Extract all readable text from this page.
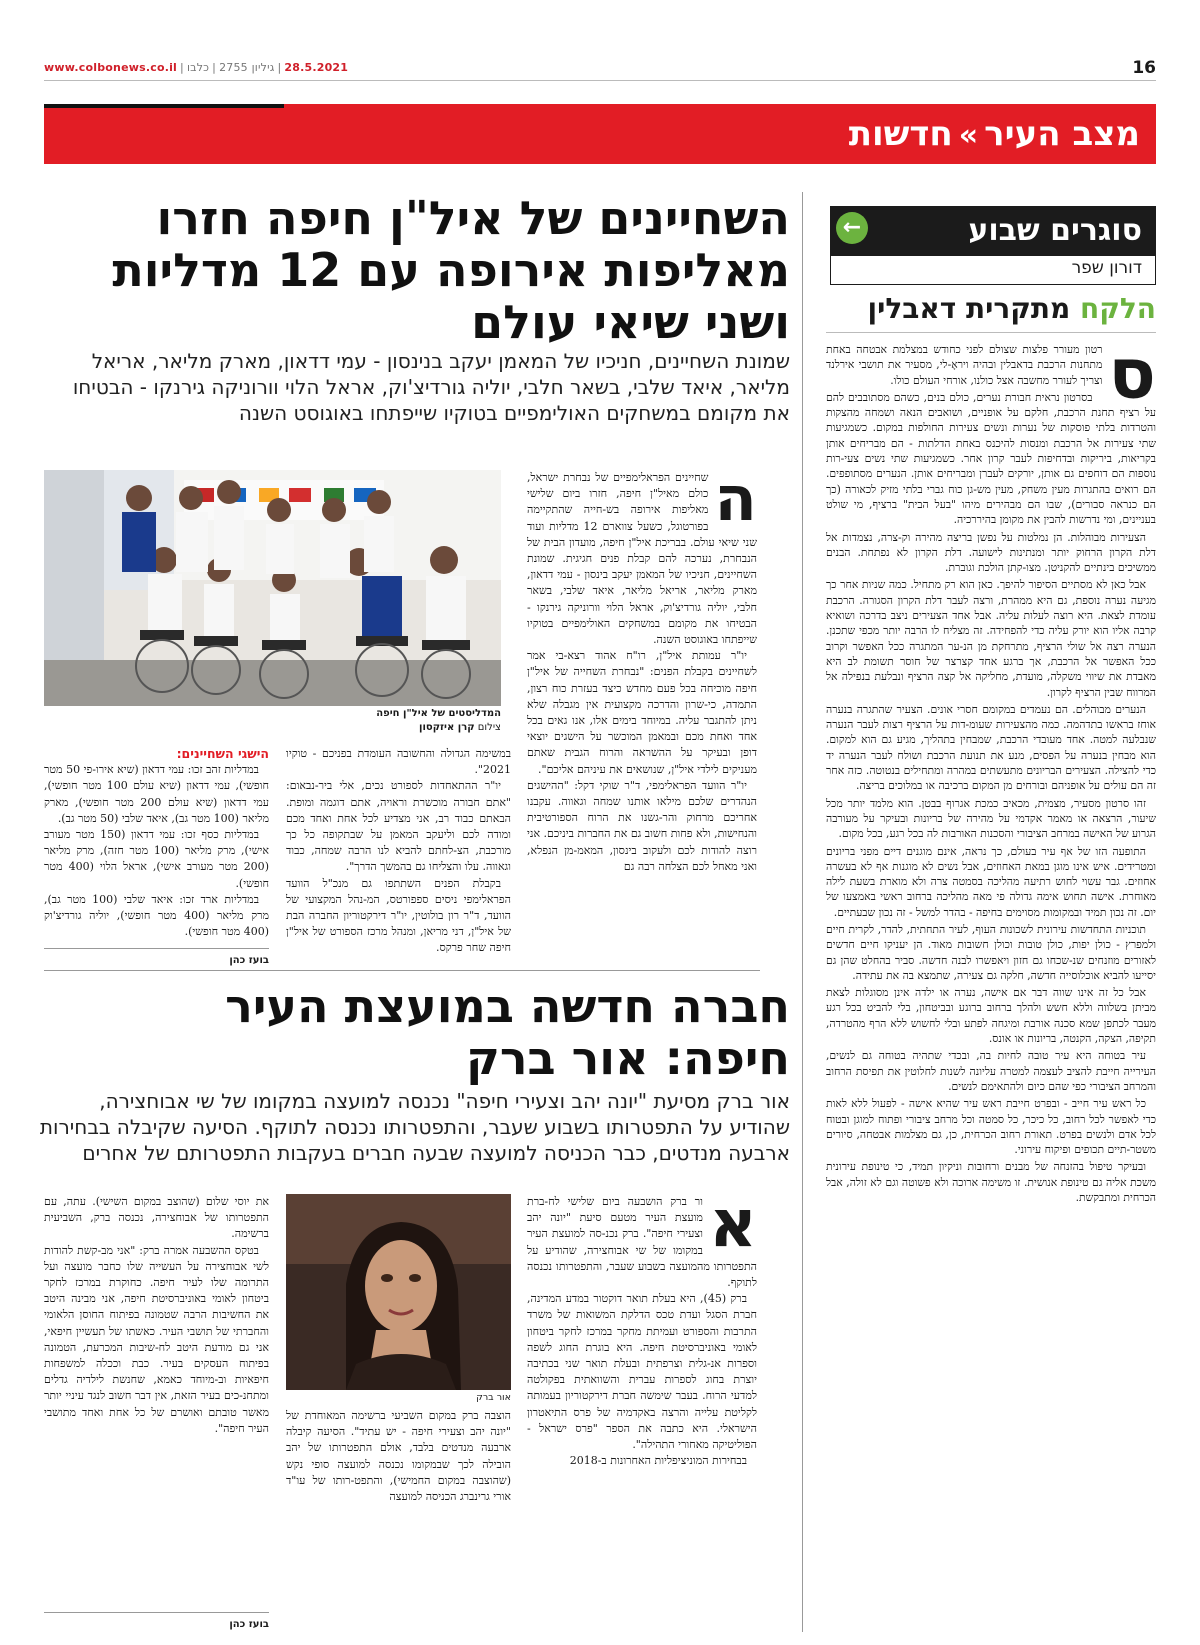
28.5.2021|גיליון 2755|כלבו|www.colbonews.co.il	16
מצב העיר»חדשות
סוגרים שבוע
←
דורון שפר
הלקח מתקרית דאבלין
ס

רטון מעורר פלצות שצולם לפני כחודש במצלמת אבטחה באחת מתחנות הרכבת בדאבלין ובהיה ויראָ-לי, מסעיר את תושבי אירלנד וצריך לעורר מחשבה אצל כולנו, אורחי העולם כולו.

בסרטון נראית חבורת נערים, כולם בנים, כשהם מסתובבים להם על רציף תחנת הרכבת, חלקם על אופניים, ושואבים הנאה ושמחה מהצקות והטרדות בלתי פוסקות של נערות ונשים צעירות החולפות במקום. כשמגיעות שתי צעירות אל הרכבת ומנסות להיכנס באחת הדלתות - הם מבריחים אותן בקריאות, ביריקות ובדחיפות לעבר קרון אחר. כשמגיעות שתי נשים צעי-רות נוספות הם דוחפים גם אותן, יורקים לעברן ומבריחים אותן. הנערים מסתופפים. הם רואים בהתגרות מעין משחק, מעין מש-גן כוח גברי בלתי מזיק לכאורה (כך הם כנראה סבורים), שבו הם מבהירים מיהו "בעל הבית" ברציף, מי שולט בעניינים, ומי נדרשות להבין את מקומן בהיררכיה.

הצעירות מבוהלות. הן נמלטות על נפשן בריצה מהירה וק-צרה, נצמדות אל דלת הקרון הרחוק יותר ומנתינות לישועה. דלת הקרון לא נפתחת. הבנים ממשיכים בינתיים להקניטן. מצו-קתן הולכת וגוברת.

אבל כאן לא מסתיים הסיפור להיפך. כאן הוא רק מתחיל. כמה שניות אחר כך מגיעה נערה נוספת, גם היא ממהרת, ורצה לעבר דלת הקרון הסגורה. הרכבת עומדת לצאת. היא רוצה לעלות עליה. אבל אחד הצעירים ניצב בדרכה ושואיא קרבה אליו הוא יורק עליה כדי להפחידה. זה מצליח לו הרבה יותר מכפי שתכנן. הנערה רצה אל שולי הרציף, מתרחקת מן הנ-ער המתגרה ככל האפשר וקרוב ככל האפשר אל הרכבת, אך ברגע אחד קצרצר של חוסר תשומת לב היא מאבדת את שיווי משקלה, מועדת, מחליקה אל קצה הרציף ונבלעת בנפילה אל המרווח שבין הרציף לקרון.

הנערים מבוהלים. הם נעמדים במקומם חסרי אונים. הצעיר שהתגרה בנערה אוחז בראשו בתדהמה. כמה מהצעירות שעומ-דות על הרציף רצות לעבר הנערה שנבלעה למטה. אחד מעובדי הרכבת, שמבחין בתהליך, מגיע גם הוא למקום. הוא מבחין בנערה על הפסים, מנע את תנועת הרכבת ושולח לעבר הנערה יד כדי להצילה. הצעירים הבריונים מתעשתים במהרה ומתחילים בנטוטה. כזה אחר זה הם עולים על אופניהם ובורחים מן המקום ברכיבה או במלוכים בריצה.

זהו סרטון מסעיר, מצמית, מכאיב כמכת אגרוף בבטן. הוא מלמד יותר מכל שיעור, הרצאה או מאמר אקדמי על מהירה של בריונות ובעיקר על מעורבה הגרוע של האישה במרחב הציבורי והסכנות האורבות לה בכל רגע, בכל מקום.

התופעה הזו של אף עיר בעולם, כך נראה, אינם מוגנים דיים מפני בריונים ומטרידים. איש אינו מוגן במאת האחוזים, אבל נשים לא מוגנות אף לא בעשרה אחוזים. גבר עשוי לחוש רתיעה מהליכה בסמטה צרה ולא מוארת בשעת לילה מאוחרת. אישה תחוש אימה גדולה פי מאה מהליכה ברחוב ראשי באמצעו של יום. זה נכון תמיד ובמקומות מסוימים בחיפה - בהדר למשל - זה נכון שבעתיים.

תוכניות התחדשות עירונית לשכונות העוף, לעיר התחתית, להדר, לקרית חיים ולמפרץ - כולן יפות, כולן טובות וכולן חשובות מאוד. הן יעניקו חיים חדשים לאזורים מוזנחים שנ-שכחו גם חזון ויאפשרו לבנה חדשה. סביר בהחלט שהן גם יסייעו להביא אוכלוסייה חדשה, חלקה גם צעירה, שתמצא בה את עתידה.

אבל כל זה אינו שווה דבר אם אישה, נערה או ילדה אינן מסוגלות לצאת מביתן בשלווה וללא חשש ולהלך ברחוב ברוגע ובביטחון, בלי להביט בכל רגע מעבר לכתפן שמא סכנה אורבת ומיגחה לפתע ובלי לחשוש ללא הרף מהטרדה, תקיפה, הצקה, הקנטה, בריונות או אונס.

עיר בטוחה היא עיר טובה לחיות בה, ובכדי שתהיה בטוחה גם לנשים, העירייה חייבת להציב לעצמה למטרה עליונה לשנות לחלוטין את תפיסת הרחוב והמרחב הציבורי כפי שהם כיום ולהתאימם לנשים.

כל ראש עיר חייב - ובפרט חייבת ראש עיר שהיא אישה - לפעול ללא לאות כדי לאפשר לכל רחוב, כל כיכר, כל סמטה וכל מרחב ציבורי ופתוח למוגן ובטוח לכל אדם ולנשים בפרט. תאורת רחוב הכרחית, כן, גם מצלמות אבטחה, סיורים משטר-תיים תכופים ופיקוח עירוני.

ובעיקר טיפול בהזנחה של מבנים ורחובות וניקיון תמיד, כי טינופת עירונית משכת אליה גם טינופת אנושית. זו משימה ארוכה ולא פשוטה וגם לא זולה, אבל הכרחית ומתבקשת.

השחיינים של איל"ן חיפה חזרו
מאליפות אירופה עם 12 מדליות
ושני שיאי עולם
שמונת השחיינים, חניכיו של המאמן יעקב בנינסון - עמי דדאון, מארק מליאר, אריאל מליאר, איאד שלבי, בשאר חלבי, יוליה גורדיצ'וק, אראל הלוי וורוניקה גירנקו - הבטיחו את מקומם במשחקים האולימפיים בטוקיו שייפתחו באוגוסט השנה
המדליסטים של איל"ן חיפה
צילום קרן איזקסון
ה

שחיינים הפראלימפיים של נבחרת ישראל, כולם מאיל"ן חיפה, חזרו ביום שלישי מאליפות אירופה בש-חייה שהתקיימה בפורטוגל, כשעל צווארם 12 מדליות ועוד שני שיאי עולם. בבריכת איל"ן חיפה, מועדון הבית של הנבחרת, נערכה להם קבלת פנים חגיגית. שמונת השחיינים, חניכיו של המאמן יעקב בינסון - עמי דדאון, מארק מליאר, אריאל מליאר, איאד שלבי, בשאר חלבי, יוליה גורדיצ'וק, אראל הלוי וורוניקה גירנקו - הבטיחו את מקומם במשחקים האולימפיים בטוקיו שייפתחו באוגוסט השנה.

יו"ר עמותת איל"ן, רו"ח אהוד רצא-בי אמר לשחיינים בקבלת הפנים: "נבחרת השחייה של איל"ן חיפה מוכיחה בכל פעם מחדש כיצד בעזרת כוח רצון, התמדה, כי-שרון והדרכה מקצועית אין מגבלה שלא ניתן להתגבר עליה. במיוחד בימים אלו, אנו גאים בכל אחד ואחת מכם ובמאמן המוכשר על הישגים יוצאי דופן ובעיקר על ההשראה והרוח הגבית שאתם מעניקים לילדי איל"ן, שנושאים את עיניהם אליכם".

יו"ר הוועד הפראלימפי, ד"ר שוקי דקל: "ההישגים הנהדרים שלכם מילאו אותנו שמחה וגאווה. עקבנו אחריכם מרחוק והר-גשנו את הרוח הספורטיבית והנחישות, ולא פחות חשוב גם את החברות ביניכם. אני רוצה להודות לכם ולעקוב בינסון, המאמ-מן הנפלא, ואני מאחל לכם הצלחה רבה גם

במשימה הגדולה והחשובה העומדת בפניכם - טוקיו 2021".

יו"ר ההתאחדות לספורט נכים, אלי ביר-נבאום: "אתם חבורה מוכשרת וראויה, אתם דוגמה ומופת. הבאתם כבוד רב, אני מצדיע לכל אחת ואחד מכם ומודה לכם וליעקב המאמן על שבתקופה כל כך מורכבת, הצ-לחתם להביא לנו הרבה שמחה, כבוד וגאווה. עלו והצליחו גם בהמשך הדרך".

בקבלת הפנים השתתפו גם מנכ"ל הוועד הפראלימפי ניסים ספפורטס, המ-נהל המקצועי של הוועד, ד"ר רון בולוטין, יו"ר דירקטוריון החברה הבת של איל"ן, דני מריאן, ומנהל מרכז הספורט של איל"ן חיפה שחר פרקס.

הישגי השחיינים:

במדליות זהב זכו: עמי דדאון (שיא אירו-פי 50 מטר חופשי), עמי דדאון (שיא עולם 100 מטר חופשי), עמי דדאון (שיא עולם 200 מטר חופשי), מארק מליאר (100 מטר גב), איאד שלבי (50 מטר גב).

במדליות כסף זכו: עמי דדאון (150 מטר מעורב אישי), מרק מליאר (100 מטר חזה), מרק מליאר (200 מטר מעורב אישי), אראל הלוי (400 מטר חופשי).

במדליות ארד זכו: איאד שלבי (100 מטר גב), מרק מליאר (400 מטר חופשי), יוליה גורדיצ'וק (400 מטר חופשי).

בועז כהן
חברה חדשה במועצת העיר
חיפה: אור ברק
אור ברק מסיעת "יונה יהב וצעירי חיפה" נכנסה למועצה במקומו של שי אבוחצירה, שהודיע על התפטרותו בשבוע שעבר, והתפטרותו נכנסה לתוקף. הסיעה שקיבלה בבחירות ארבעה מנדטים, כבר הכניסה למועצה שבעה חברים בעקבות התפטרותם של אחרים
א

ור ברק הושבעה ביום שלישי לח-ברת מועצת העיר מטעם סיעת "יונה יהב וצעירי חיפה". ברק נכנ-סה למועצת העיר במקומו של שי אבוחצירה, שהודיע על התפטרותו מהמועצה בשבוע שעבר, והתפטרותו נכנסה לתוקף.

ברק (45), היא בעלת תואר דוקטור במדע המדינה, חברת הסגל ועדת טכס הדלקת המשואות של משרד התרבות והספורט ועמיתת מחקר במרכז לחקר ביטחון לאומי באוניברסיטת חיפה. היא בוגרת החוג לשפה וספרות אנ-גלית וצרפתית ובעלת תואר שני בכתיבה יוצרת בחוג לספרות עברית והשוואתית בפקולטה למדעי הרוח. בעבר שימשה חברת דירקטוריון בעמותה לקליטת עלייה והרצה באקדמיה של פרס התיאטרון הישראלי. היא כתבה את הספר "פרס ישראל - הפוליטיקה מאחורי התהילה".

בבחירות המוניציפליות האחרונות ב-2018

אור ברק

הוצבה ברק במקום השביעי ברשימה המאוחדת של "יונה יהב וצעירי חיפה - יש עתיד". הסיעה קיבלה ארבעה מנדטים בלבד, אולם התפטרותו של יהב הובילה לכך שבמקומו נכנסה למועצה סופי נקש (שהוצבה במקום החמישי), והתפט-רותו של עו"ד אורי גרינברג הכניסה למועצה

את יוסי שלום (שהוצב במקום השישי). עתה, עם התפטרותו של אבוחצירה, נכנסה ברק, השביעית ברשימה.

בטקס ההשבעה אמרה ברק: "אני מב-קשת להודות לשי אבוחצירה על העשייה שלו כחבר מועצה ועל התרומה שלו לעיר חיפה. כחוקרת במרכז לחקר ביטחון לאומי באוניברסיטת חיפה, אני מבינה היטב את החשיבות הרבה שטמונה בפיתוח החוסן הלאומי והחברתי של תושבי העיר. כאשתו של תעשיין חיפאי, אני גם מודעת היטב לח-שיבות המכרעת, הטמונה בפיתוח העסקים בעיר. כבת וככלה למשפחות חיפאיות וב-מיוחד כאמא, שחנשת לילדיה גדלים ומתחנ-כים בעיר הזאת, אין דבר חשוב לנגד עיניי יותר מאשר טובתם ואושרם של כל אחת ואחד מתושבי העיר חיפה".

בועז כהן
